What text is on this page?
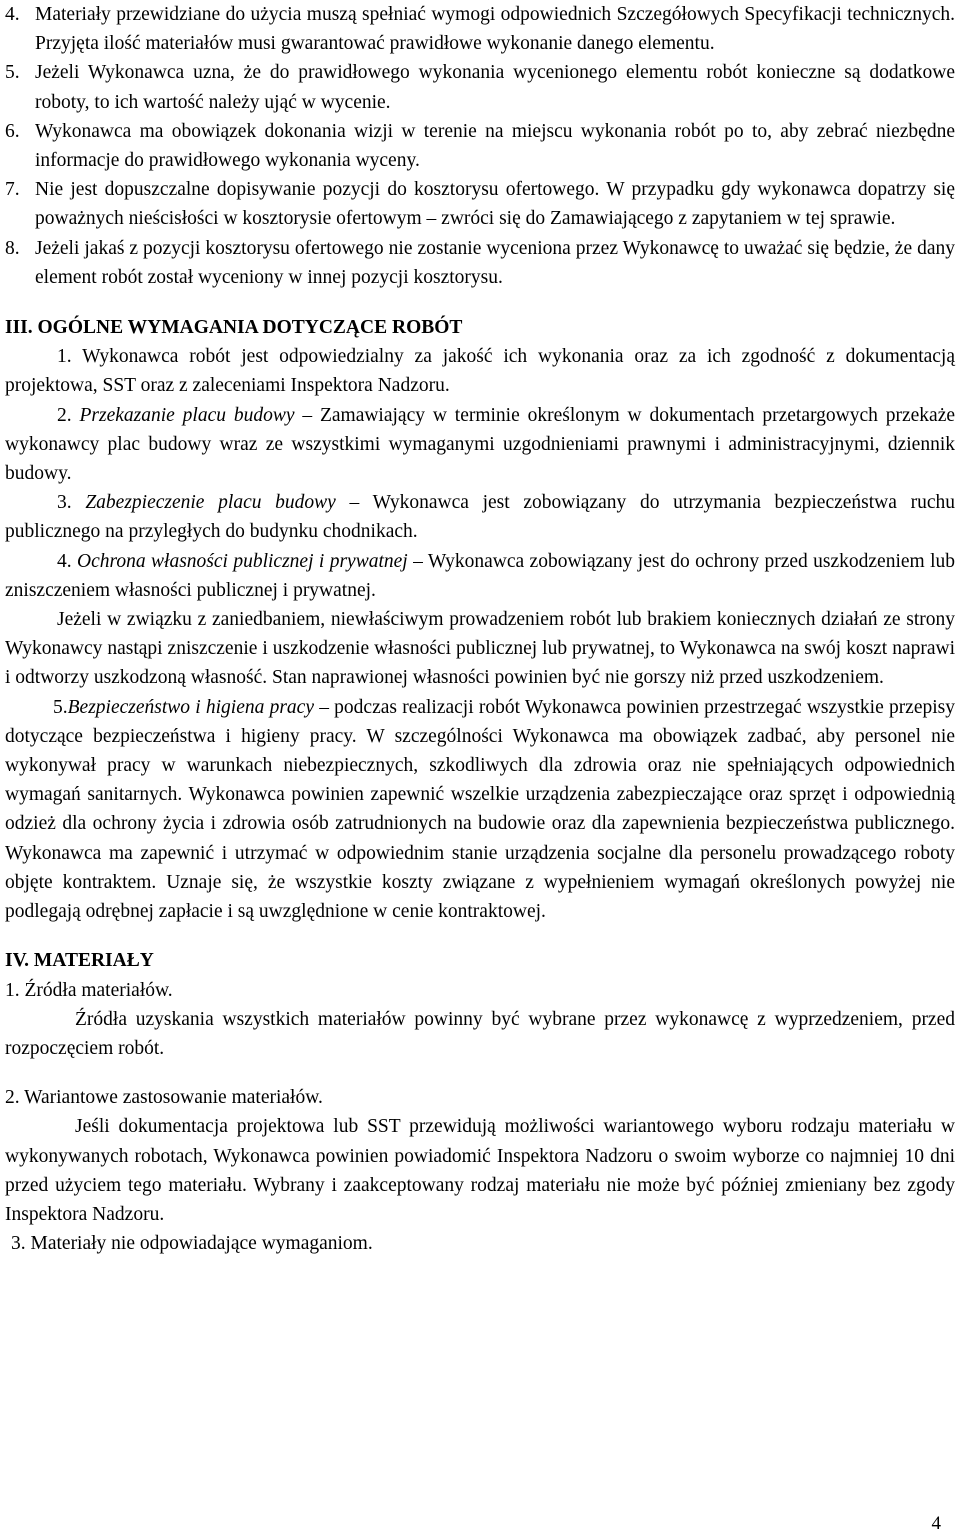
4. Materiały przewidziane do użycia muszą spełniać wymogi odpowiednich Szczegółowych Specyfikacji technicznych. Przyjęta ilość materiałów musi gwarantować prawidłowe wykonanie danego elementu.
5. Jeżeli Wykonawca uzna, że do prawidłowego wykonania wycenionego elementu robót konieczne są dodatkowe roboty, to ich wartość należy ująć w wycenie.
6. Wykonawca ma obowiązek dokonania wizji w terenie na miejscu wykonania robót po to, aby zebrać niezbędne informacje do prawidłowego wykonania wyceny.
7. Nie jest dopuszczalne dopisywanie pozycji do kosztorysu ofertowego. W przypadku gdy wykonawca dopatrzy się poważnych nieścisłości w kosztorysie ofertowym – zwróci się do Zamawiającego z zapytaniem w tej sprawie.
8. Jeżeli jakaś z pozycji kosztorysu ofertowego nie zostanie wyceniona przez Wykonawcę to uważać się będzie, że dany element robót został wyceniony w innej pozycji kosztorysu.
III. OGÓLNE WYMAGANIA DOTYCZĄCE ROBÓT

1. Wykonawca robót jest odpowiedzialny za jakość ich wykonania oraz za ich zgodność z dokumentacją projektowa, SST oraz z zaleceniami Inspektora Nadzoru.

2. Przekazanie placu budowy – Zamawiający w terminie określonym w dokumentach przetargowych przekaże wykonawcy plac budowy wraz ze wszystkimi wymaganymi uzgodnieniami prawnymi i administracyjnymi, dziennik budowy.

3. Zabezpieczenie placu budowy – Wykonawca jest zobowiązany do utrzymania bezpieczeństwa ruchu publicznego na przyległych do budynku chodnikach.

4. Ochrona własności publicznej i prywatnej – Wykonawca zobowiązany jest do ochrony przed uszkodzeniem lub zniszczeniem własności publicznej i prywatnej.

Jeżeli w związku z zaniedbaniem, niewłaściwym prowadzeniem robót lub brakiem koniecznych działań ze strony Wykonawcy nastąpi zniszczenie i uszkodzenie własności publicznej lub prywatnej, to Wykonawca na swój koszt naprawi i odtworzy uszkodzoną własność. Stan naprawionej własności powinien być nie gorszy niż przed uszkodzeniem.

5.Bezpieczeństwo i higiena pracy – podczas realizacji robót Wykonawca powinien przestrzegać wszystkie przepisy dotyczące bezpieczeństwa i higieny pracy. W szczególności Wykonawca ma obowiązek zadbać, aby personel nie wykonywał pracy w warunkach niebezpiecznych, szkodliwych dla zdrowia oraz nie spełniających odpowiednich wymagań sanitarnych. Wykonawca powinien zapewnić wszelkie urządzenia zabezpieczające oraz sprzęt i odpowiednią odzież dla ochrony życia i zdrowia osób zatrudnionych na budowie oraz dla zapewnienia bezpieczeństwa publicznego. Wykonawca ma zapewnić i utrzymać w odpowiednim stanie urządzenia socjalne dla personelu prowadzącego roboty objęte kontraktem. Uznaje się, że wszystkie koszty związane z wypełnieniem wymagań określonych powyżej nie podlegają odrębnej zapłacie i są uwzględnione w cenie kontraktowej.

IV. MATERIAŁY

1. Źródła materiałów.

Źródła uzyskania wszystkich materiałów powinny być wybrane przez wykonawcę z wyprzedzeniem, przed rozpoczęciem robót.

2. Wariantowe zastosowanie materiałów.

Jeśli dokumentacja projektowa lub SST przewidują możliwości wariantowego wyboru rodzaju materiału w wykonywanych robotach, Wykonawca powinien powiadomić Inspektora Nadzoru o swoim wyborze co najmniej 10 dni przed użyciem tego materiału. Wybrany i zaakceptowany rodzaj materiału nie może być później zmieniany bez zgody Inspektora Nadzoru.

3. Materiały nie odpowiadające wymaganiom.

4
